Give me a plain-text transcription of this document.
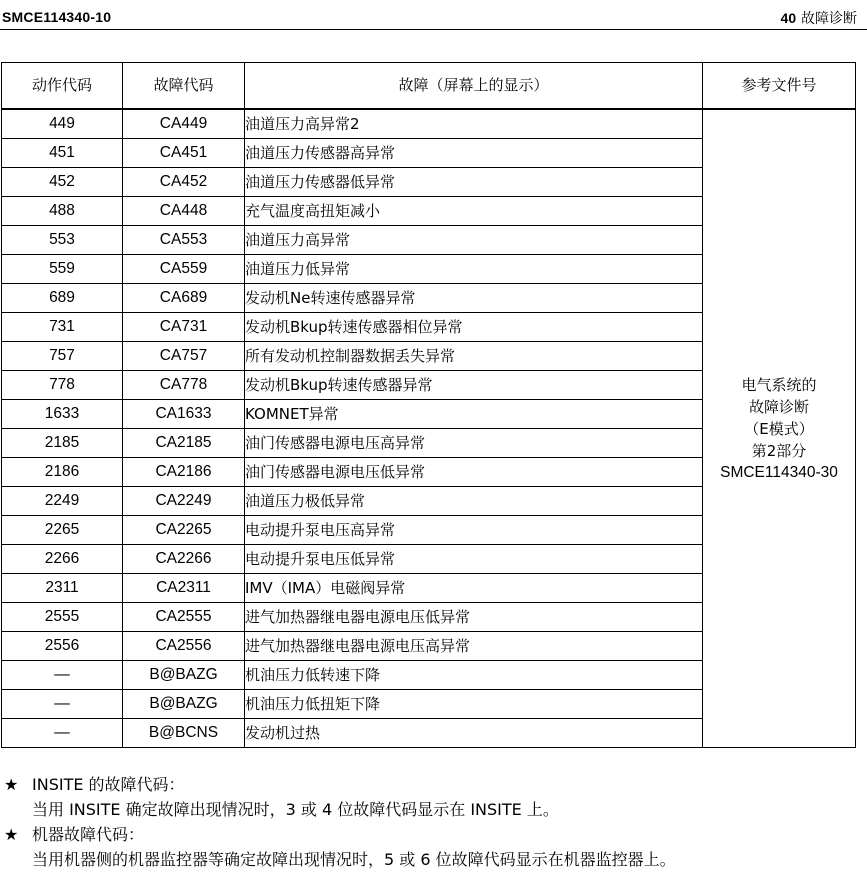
SMCE114340-10	40 故障诊断
动作代码	故障代码	故障（屏幕上的显示）	参考文件号
449	CA449	油道压力高异常2	电气系统的
故障诊断
（E模式）
第2部分
SMCE114340-30

451	CA451	油道压力传感器高异常	
452	CA452	油道压力传感器低异常	
488	CA448	充气温度高扭矩减小	
553	CA553	油道压力高异常	
559	CA559	油道压力低异常	
689	CA689	发动机Ne转速传感器异常	
731	CA731	发动机Bkup转速传感器相位异常	
757	CA757	所有发动机控制器数据丢失异常	
778	CA778	发动机Bkup转速传感器异常	
1633	CA1633	KOMNET异常	
2185	CA2185	油门传感器电源电压高异常	
2186	CA2186	油门传感器电源电压低异常	
2249	CA2249	油道压力极低异常	
2265	CA2265	电动提升泵电压高异常	
2266	CA2266	电动提升泵电压低异常	
2311	CA2311	IMV（IMA）电磁阀异常	
2555	CA2555	进气加热器继电器电源电压低异常	
2556	CA2556	进气加热器继电器电源电压高异常	
—	B@BAZG	机油压力低转速下降	
—	B@BAZG	机油压力低扭矩下降	
—	B@BCNS	发动机过热	
★ INSITE 的故障代码：
当用 INSITE 确定故障出现情况时，3 或 4 位故障代码显示在 INSITE 上。
★ 机器故障代码：
当用机器侧的机器监控器等确定故障出现情况时，5 或 6 位故障代码显示在机器监控器上。
